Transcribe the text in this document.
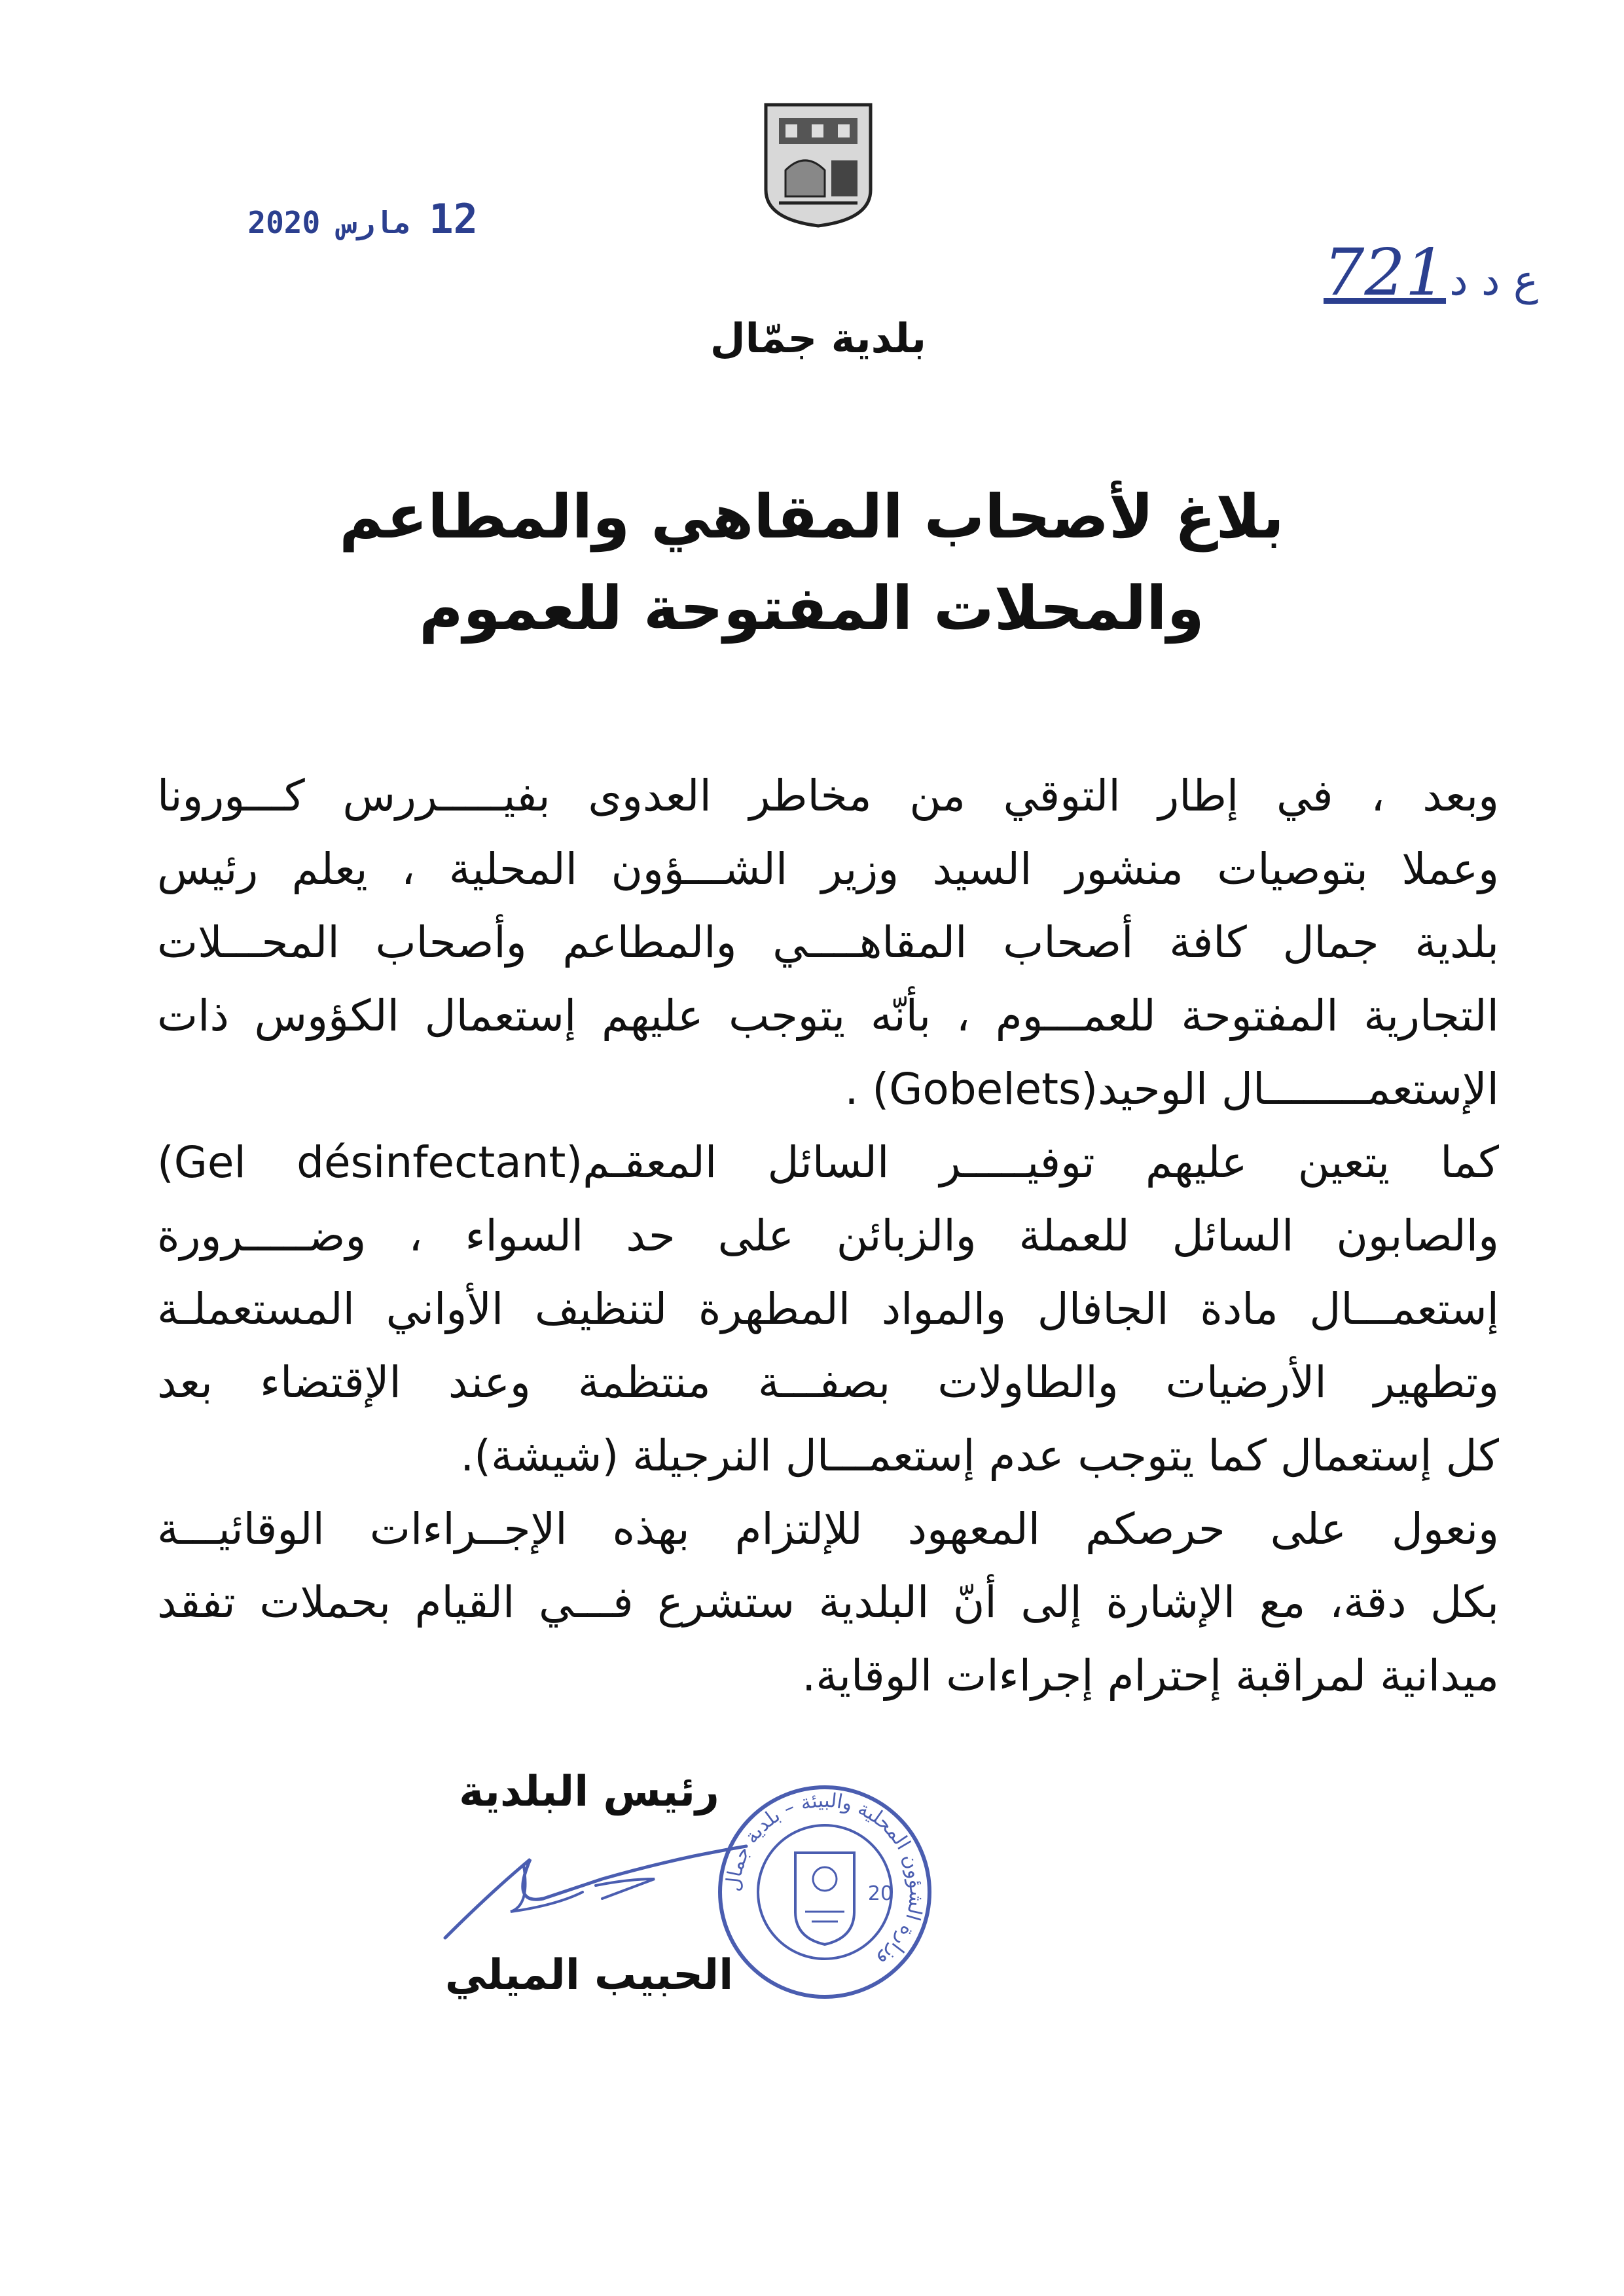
12 مارس 2020
ع د د 721
بلدية جمّال
بلاغ لأصحاب المقاهي والمطاعم
والمحلات المفتوحة للعموم
وبعد ، في إطار التوقي من مخاطر العدوى بفيـــــررس كـــورونا
وعملا بتوصيات منشور السيد وزير الشـــؤون المحلية ، يعلم رئيس
بلدية جمال كافة أصحاب المقاهــــي والمطاعم وأصحاب المحـــلات
التجارية المفتوحة للعمـــوم ، بأنّه يتوجب عليهم إستعمال الكؤوس ذات
الإستعمــــــــال الوحيد(Gobelets) .
كما يتعين عليهم توفيـــــر السائل المعقـم(Gel désinfectant)
والصابون السائل للعملة والزبائن على حد السواء ، وضـــــرورة
إستعمـــال مادة الجافال والمواد المطهرة لتنظيف الأواني المستعملـة
وتطهير الأرضيات والطاولات بصفـــة منتظمة وعند الإقتضاء بعد
كل إستعمال كما يتوجب عدم إستعمـــال النرجيلة (شيشة).
ونعول على حرصكم المعهود للإلتزام بهذه الإجــراءات الوقائيـــة
بكل دقة، مع الإشارة إلى أنّ البلدية ستشرع فـــي القيام بحملات تفقد
ميدانية لمراقبة إحترام إجراءات الوقاية.
رئيس البلدية
الحبيب الميلي
وزارة الشؤون المحلية والبيئة – بلدية جمال
20
